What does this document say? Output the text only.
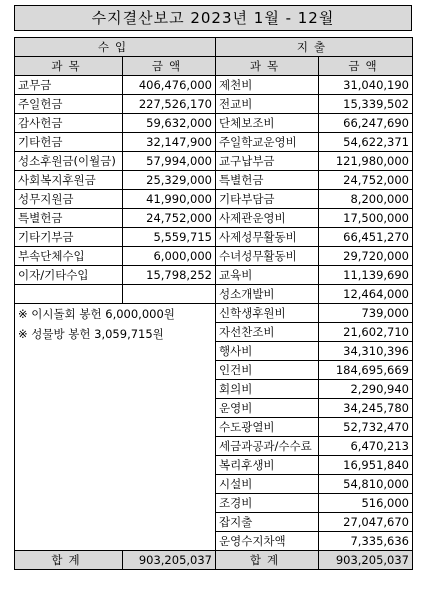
수지결산보고 2023년 1월 - 12월
수입		지출	
과목	금액	과목	금액
교무금	406,476,000	제천비	31,040,190
주일헌금	227,526,170	전교비	15,339,502
감사헌금	59,632,000	단체보조비	66,247,690
기타헌금	32,147,900	주일학교운영비	54,622,371
성소후원금(이월금)	57,994,000	교구납부금	121,980,000
사회복지후원금	25,329,000	특별헌금	24,752,000
성무지원금	41,990,000	기타부담금	8,200,000
특별헌금	24,752,000	사제관운영비	17,500,000
기타기부금	5,559,715	사제성무활동비	66,451,270
부속단체수입	6,000,000	수녀성무활동비	29,720,000
이자/기타수입	15,798,252	교육비	11,139,690
		성소개발비	12,464,000

※ 이시돌회 봉헌 6,000,000원
※ 성물방 봉헌 3,059,715원		신학생후원비	739,000
		자선찬조비	21,602,710
		행사비	34,310,396
		인건비	184,695,669
		회의비	2,290,940
		운영비	34,245,780
		수도광열비	52,732,470
		세금과공과/수수료	6,470,213
		복리후생비	16,951,840
		시설비	54,810,000
		조경비	516,000
		잡지출	27,047,670
		운영수지차액	7,335,636
합계	903,205,037	합계	903,205,037
